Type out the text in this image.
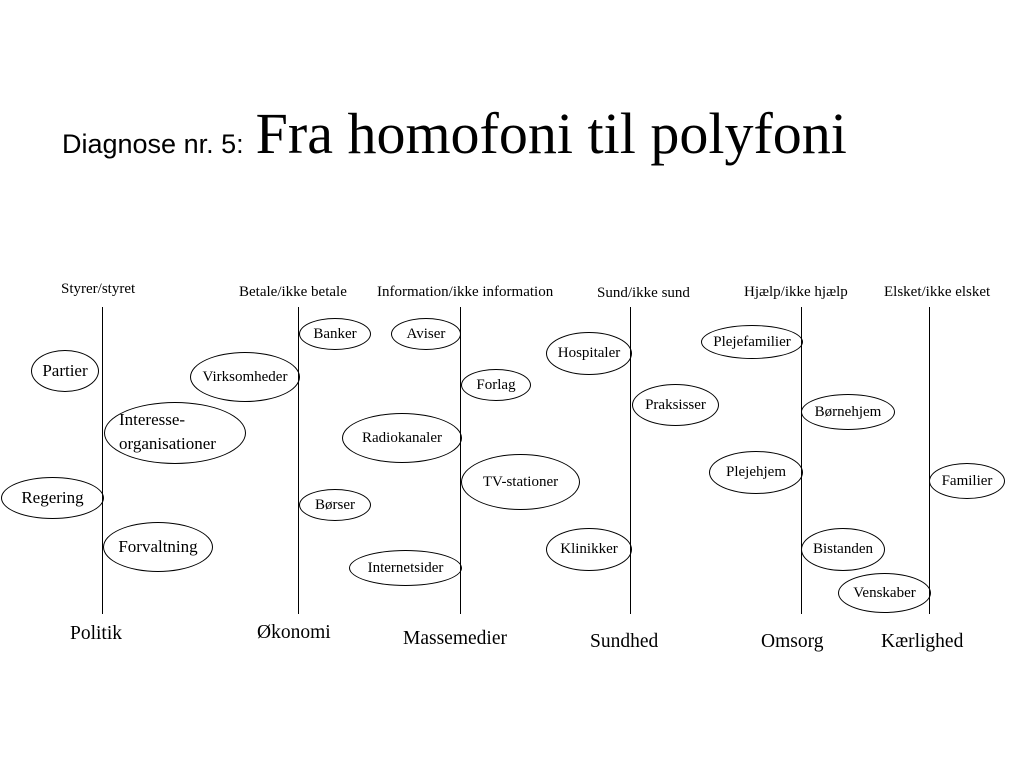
Diagnose nr. 5: Fra homofoni til polyfoni
Styrer/styret	Betale/ikke betale Information/ikke information	Sund/ikke sund	Hjælp/ikke hjælp Elsket/ikke elsket
Politik	Økonomi	Massemedier	Sundhed	Omsorg	Kærlighed
Partier
Interesse-
organisationer
Regering
Forvaltning
Virksomheder
Banker
Børser
Aviser
Forlag
Radiokanaler
TV-stationer
Internetsider
Hospitaler
Praksisser
Klinikker
Plejefamilier
Børnehjem
Plejehjem
Bistanden
Venskaber
Familier
